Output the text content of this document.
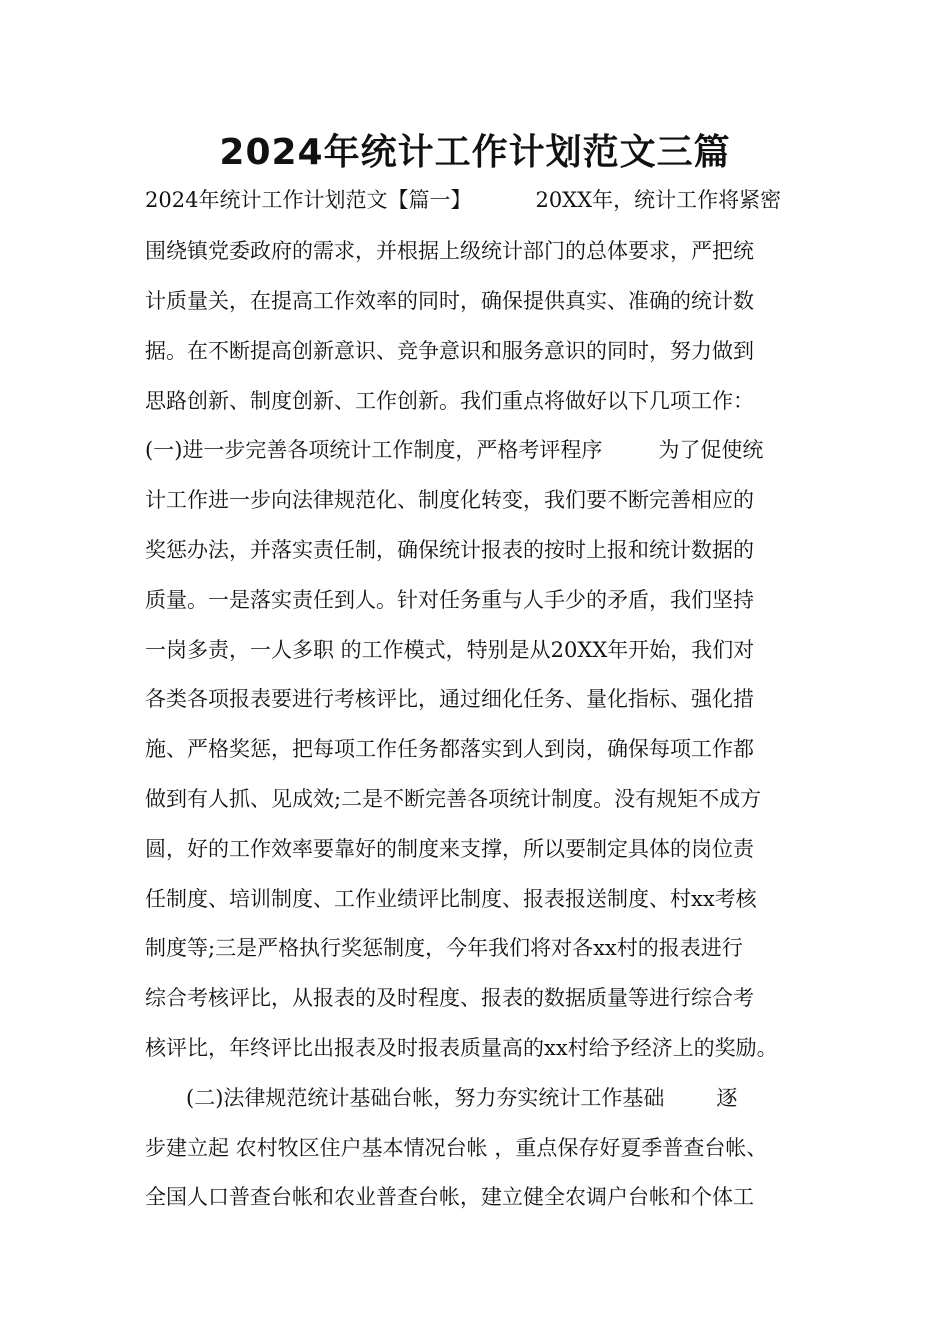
2024年统计工作计划范文三篇

2024年统计工作计划范文【篇一】	20XX年，统计工作将紧密

围绕镇党委政府的需求，并根据上级统计部门的总体要求，严把统

计质量关，在提高工作效率的同时，确保提供真实、准确的统计数

据。在不断提高创新意识、竞争意识和服务意识的同时，努力做到

思路创新、制度创新、工作创新。我们重点将做好以下几项工作：

(一)进一步完善各项统计工作制度，严格考评程序	为了促使统

计工作进一步向法律规范化、制度化转变，我们要不断完善相应的

奖惩办法，并落实责任制，确保统计报表的按时上报和统计数据的

质量。一是落实责任到人。针对任务重与人手少的矛盾，我们坚持

一岗多责，一人多职 的工作模式，特别是从20XX年开始，我们对

各类各项报表要进行考核评比，通过细化任务、量化指标、强化措

施、严格奖惩，把每项工作任务都落实到人到岗，确保每项工作都

做到有人抓、见成效;二是不断完善各项统计制度。没有规矩不成方

圆，好的工作效率要靠好的制度来支撑，所以要制定具体的岗位责

任制度、培训制度、工作业绩评比制度、报表报送制度、村xx考核

制度等;三是严格执行奖惩制度，今年我们将对各xx村的报表进行

综合考核评比，从报表的及时程度、报表的数据质量等进行综合考

核评比，年终评比出报表及时报表质量高的xx村给予经济上的奖励。

(二)法律规范统计基础台帐，努力夯实统计工作基础 逐

步建立起 农村牧区住户基本情况台帐 ，重点保存好夏季普查台帐、

全国人口普查台帐和农业普查台帐，建立健全农调户台帐和个体工
